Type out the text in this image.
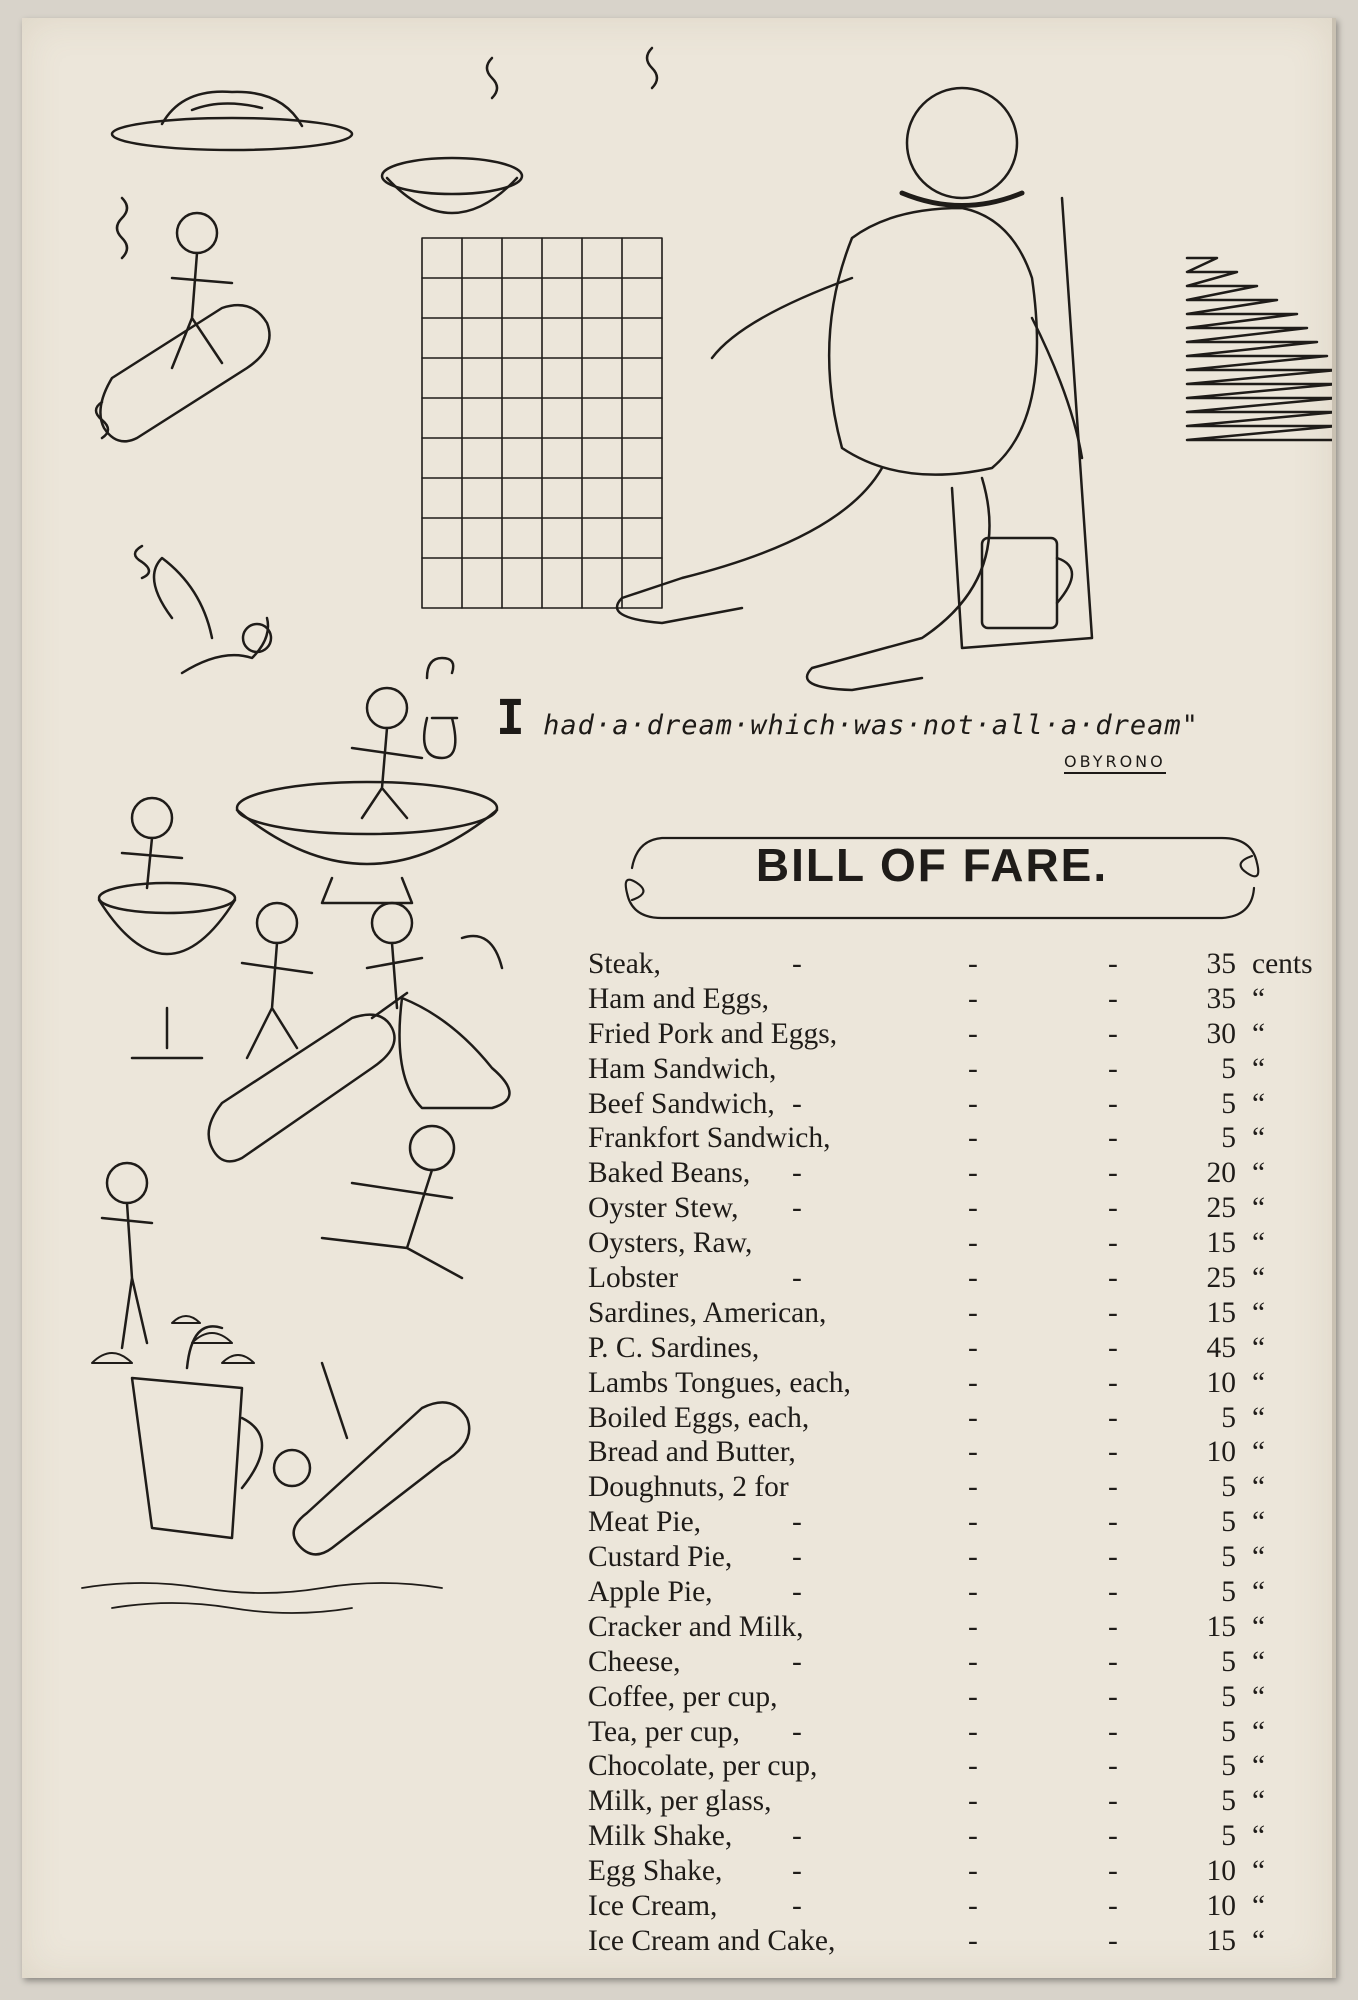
I had·a·dream·which·was·not·all·a·dream"
OBYRONO
BILL OF FARE.
Steak,	-	-	-	35 cents
Ham and Eggs,	-	-	35 “
Fried Pork and Eggs,	-	-	30 “
Ham Sandwich,	-	-	5 “
Beef Sandwich, -	-	-	5 “
Frankfort Sandwich,	-	-	5 “
Baked Beans, -	-	-	20 “
Oyster Stew, -	-	-	25 “
Oysters, Raw,	-	-	15 “
Lobster	-	-	-	25 “
Sardines, American,	-	-	15 “
P. C. Sardines,	-	-	45 “
Lambs Tongues, each,	-	-	10 “
Boiled Eggs, each,	-	-	5 “
Bread and Butter,	-	-	10 “
Doughnuts, 2 for	-	-	5 “
Meat Pie,	-	-	-	5 “
Custard Pie, -	-	-	5 “
Apple Pie,	-	-	-	5 “
Cracker and Milk,	-	-	15 “
Cheese,	-	-	-	5 “
Coffee, per cup,	-	-	5 “
Tea, per cup, -	-	-	5 “
Chocolate, per cup,	-	-	5 “
Milk, per glass,	-	-	5 “
Milk Shake, -	-	-	5 “
Egg Shake, -	-	-	10 “
Ice Cream,	-	-	-	10 “
Ice Cream and Cake,	-	-	15 “
